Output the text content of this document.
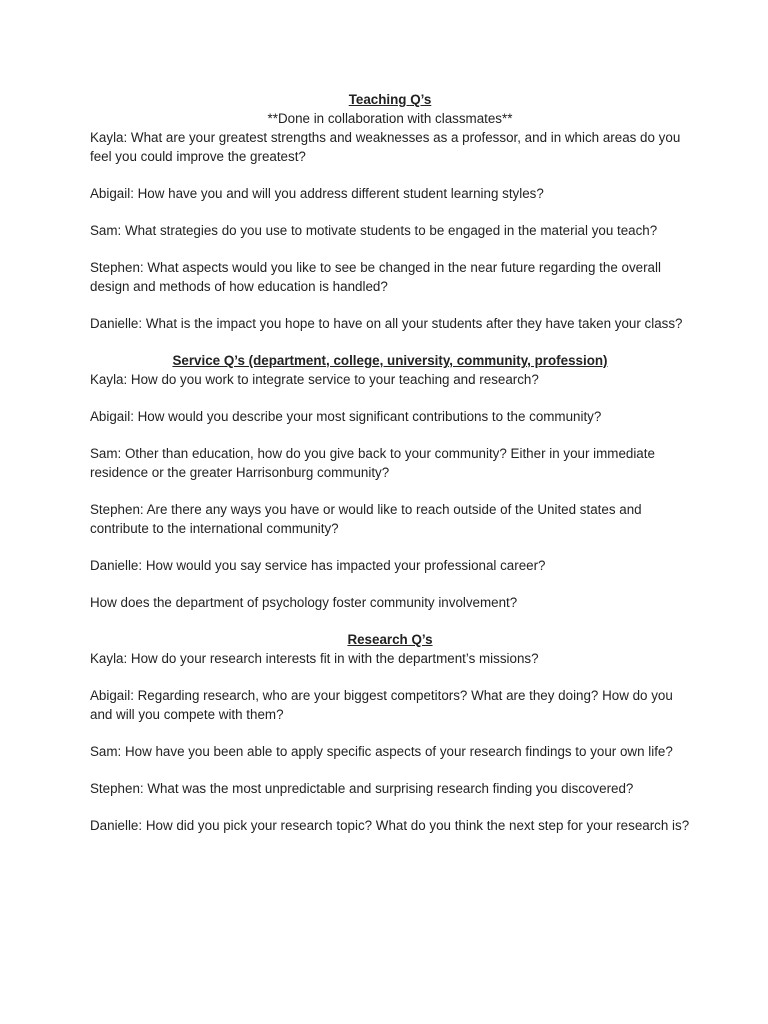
Teaching Q’s

**Done in collaboration with classmates**

Kayla: What are your greatest strengths and weaknesses as a professor, and in which areas do you feel you could improve the greatest?

Abigail: How have you and will you address different student learning styles?

Sam: What strategies do you use to motivate students to be engaged in the material you teach?

Stephen: What aspects would you like to see be changed in the near future regarding the overall design and methods of how education is handled?

Danielle: What is the impact you hope to have on all your students after they have taken your class?

Service Q’s (department, college, university, community, profession)

Kayla: How do you work to integrate service to your teaching and research?

Abigail: How would you describe your most significant contributions to the community?

Sam: Other than education, how do you give back to your community? Either in your immediate residence or the greater Harrisonburg community?

Stephen: Are there any ways you have or would like to reach outside of the United states and contribute to the international community?

Danielle: How would you say service has impacted your professional career?

How does the department of psychology foster community involvement?

Research Q’s

Kayla: How do your research interests fit in with the department’s missions?

Abigail: Regarding research, who are your biggest competitors? What are they doing? How do you and will you compete with them?

Sam: How have you been able to apply specific aspects of your research findings to your own life?

Stephen: What was the most unpredictable and surprising research finding you discovered?

Danielle: How did you pick your research topic? What do you think the next step for your research is?
